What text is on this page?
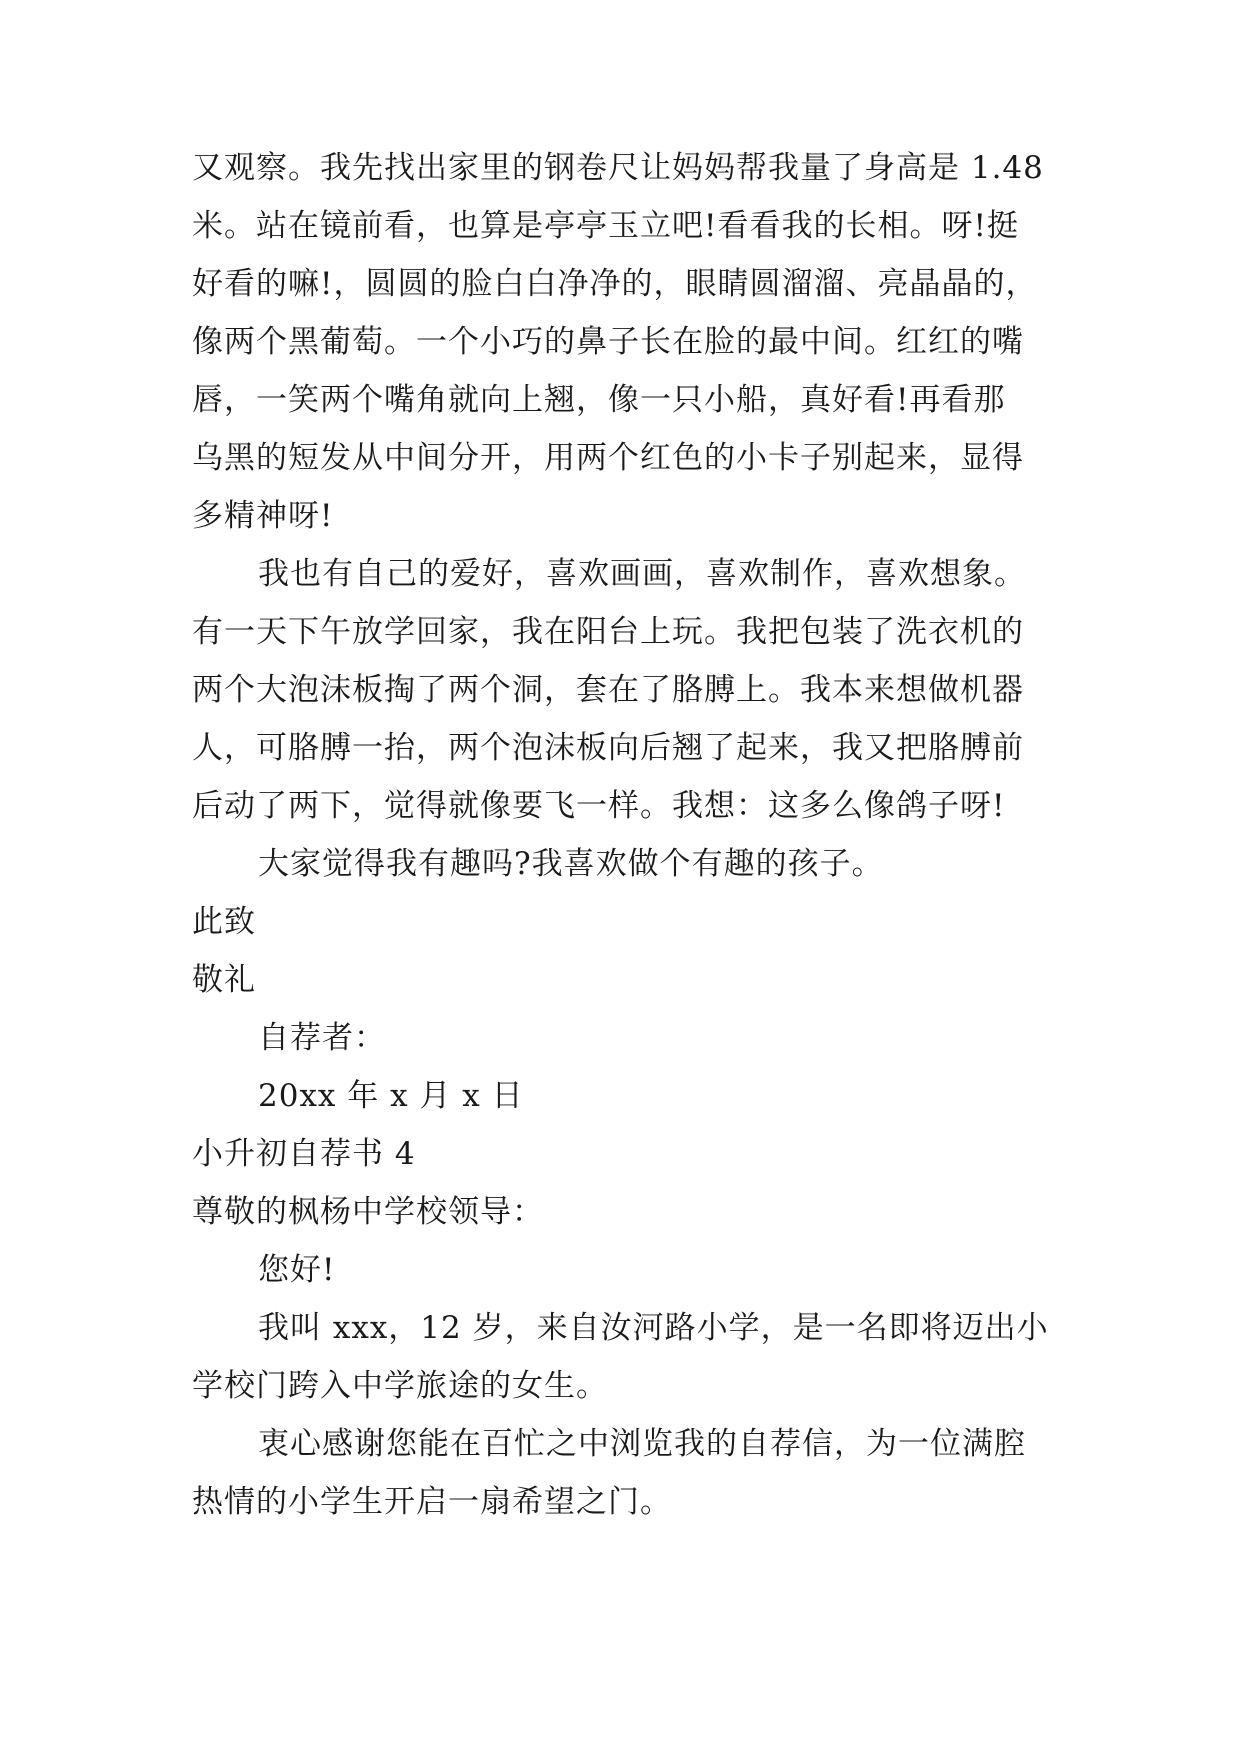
又观察。我先找出家里的钢卷尺让妈妈帮我量了身高是 1.48
米。站在镜前看，也算是亭亭玉立吧!看看我的长相。呀!挺
好看的嘛!，圆圆的脸白白净净的，眼睛圆溜溜、亮晶晶的，
像两个黑葡萄。一个小巧的鼻子长在脸的最中间。红红的嘴
唇，一笑两个嘴角就向上翘，像一只小船，真好看!再看那
乌黑的短发从中间分开，用两个红色的小卡子别起来，显得
多精神呀!
我也有自己的爱好，喜欢画画，喜欢制作，喜欢想象。
有一天下午放学回家，我在阳台上玩。我把包装了洗衣机的
两个大泡沫板掏了两个洞，套在了胳膊上。我本来想做机器
人，可胳膊一抬，两个泡沫板向后翘了起来，我又把胳膊前
后动了两下，觉得就像要飞一样。我想：这多么像鸽子呀!
大家觉得我有趣吗?我喜欢做个有趣的孩子。
此致
敬礼
自荐者：
20xx 年 x 月 x 日
小升初自荐书 4
尊敬的枫杨中学校领导：
您好!
我叫 xxx，12 岁，来自汝河路小学，是一名即将迈出小
学校门跨入中学旅途的女生。
衷心感谢您能在百忙之中浏览我的自荐信，为一位满腔
热情的小学生开启一扇希望之门。
